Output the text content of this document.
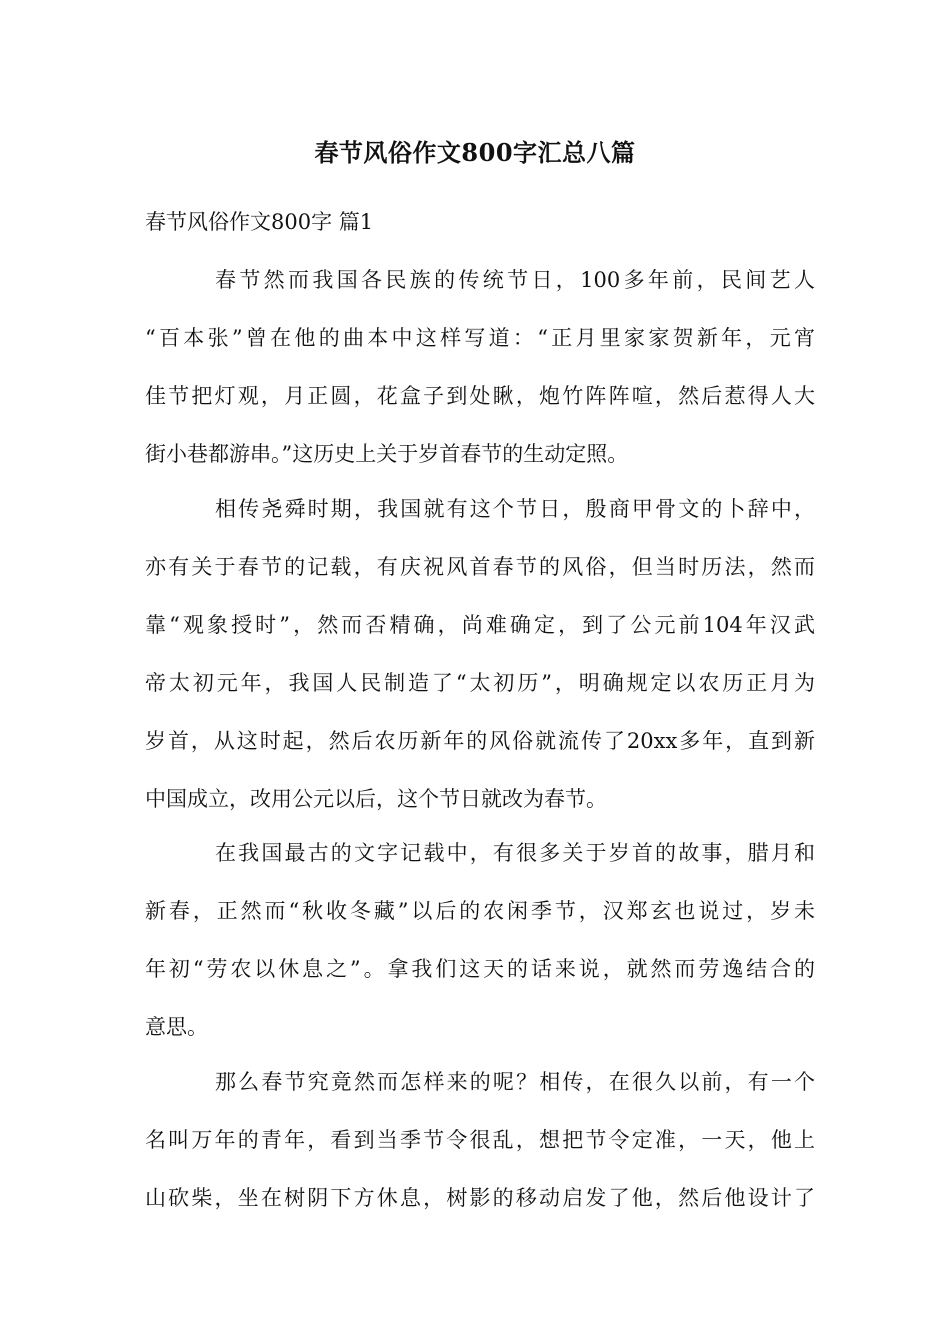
春节风俗作文800字汇总八篇
春节风俗作文800字 篇1
春节然而我国各民族的传统节日，100多年前，民间艺人
“百本张”曾在他的曲本中这样写道：“正月里家家贺新年，元宵
佳节把灯观，月正圆，花盒子到处瞅，炮竹阵阵喧，然后惹得人大
街小巷都游串。”这历史上关于岁首春节的生动定照。
相传尧舜时期，我国就有这个节日，殷商甲骨文的卜辞中，
亦有关于春节的记载，有庆祝风首春节的风俗，但当时历法，然而
靠“观象授时”，然而否精确，尚难确定，到了公元前104年汉武
帝太初元年，我国人民制造了“太初历”，明确规定以农历正月为
岁首，从这时起，然后农历新年的风俗就流传了20xx多年，直到新
中国成立，改用公元以后，这个节日就改为春节。
在我国最古的文字记载中，有很多关于岁首的故事，腊月和
新春，正然而“秋收冬藏”以后的农闲季节，汉郑玄也说过，岁未
年初“劳农以休息之”。拿我们这天的话来说，就然而劳逸结合的
意思。
那么春节究竟然而怎样来的呢？相传，在很久以前，有一个
名叫万年的青年，看到当季节令很乱，想把节令定准，一天，他上
山砍柴，坐在树阴下方休息，树影的移动启发了他，然后他设计了
